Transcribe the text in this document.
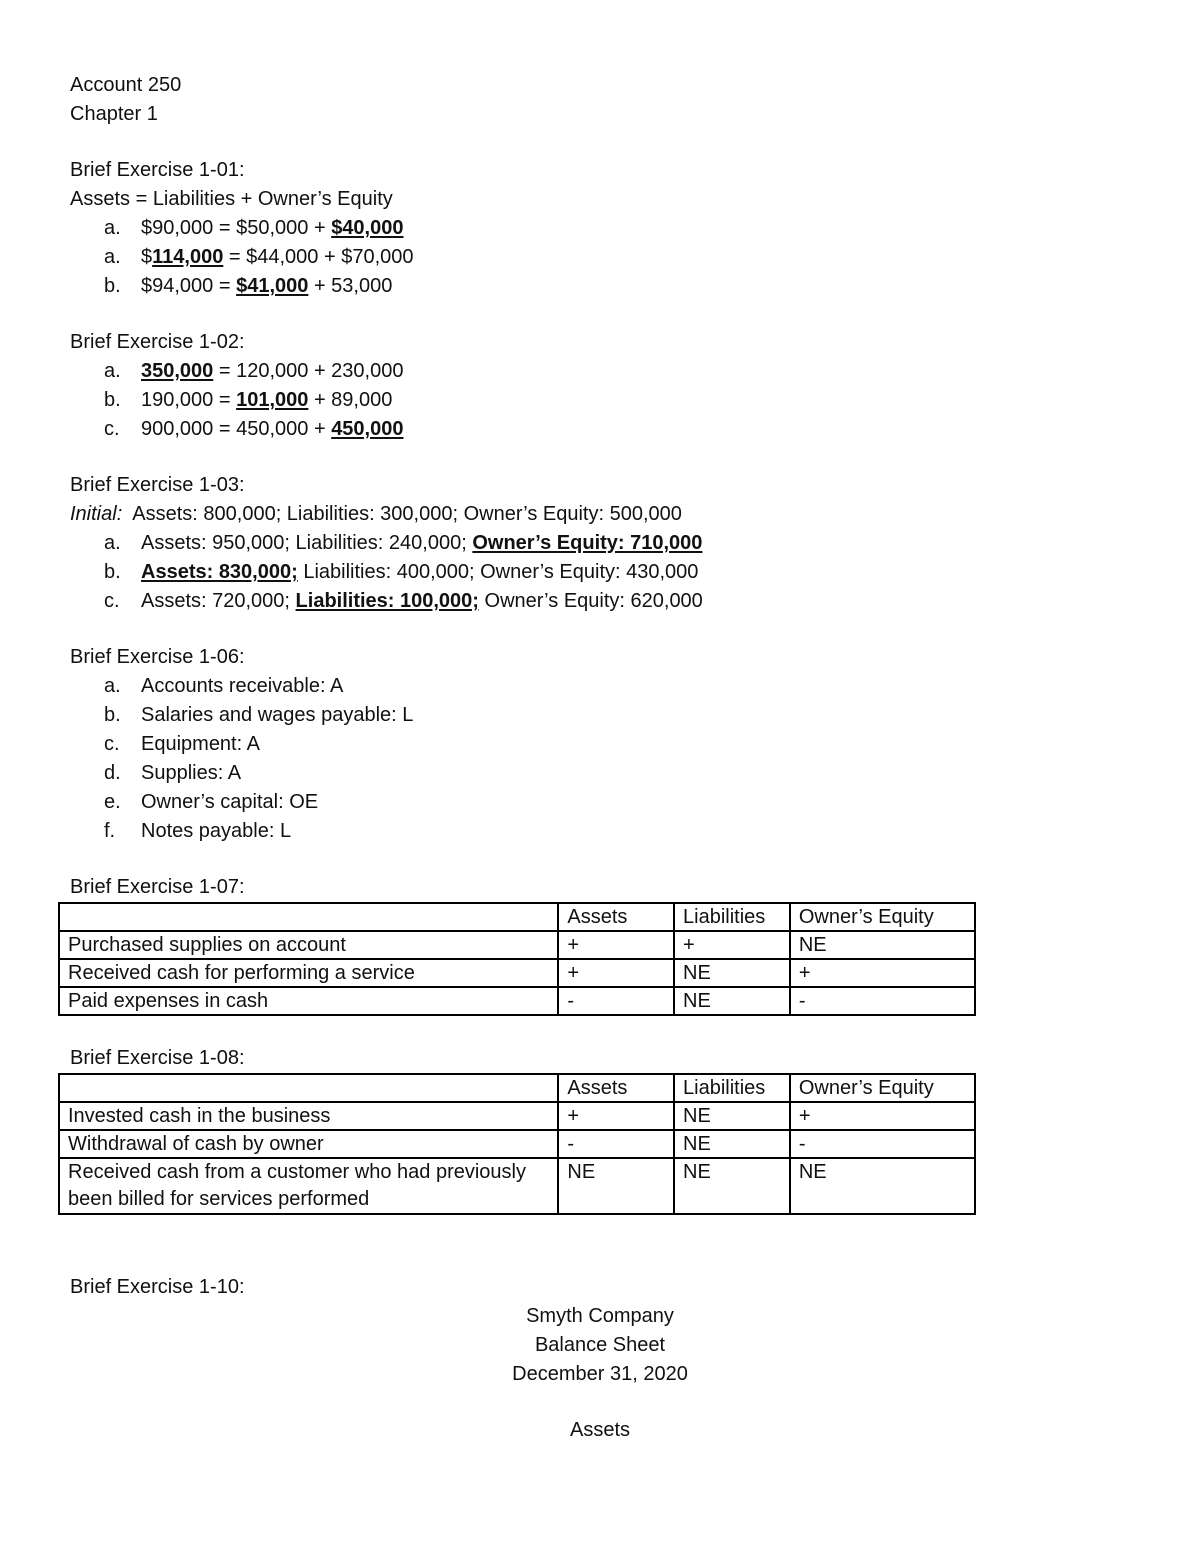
Account 250
Chapter 1
Brief Exercise 1-01:
Assets = Liabilities + Owner’s Equity
a. $90,000 = $50,000 + $40,000
a. $114,000 = $44,000 + $70,000
b. $94,000 = $41,000 + 53,000
Brief Exercise 1-02:
a. 350,000 = 120,000 + 230,000
b. 190,000 = 101,000 + 89,000
c. 900,000 = 450,000 + 450,000
Brief Exercise 1-03:
Initial:  Assets: 800,000; Liabilities: 300,000; Owner’s Equity: 500,000
a. Assets: 950,000; Liabilities: 240,000; Owner’s Equity: 710,000
b. Assets: 830,000; Liabilities: 400,000; Owner’s Equity: 430,000
c. Assets: 720,000; Liabilities: 100,000; Owner’s Equity: 620,000
Brief Exercise 1-06:
a. Accounts receivable: A
b. Salaries and wages payable: L
c. Equipment: A
d. Supplies: A
e. Owner’s capital: OE
f. Notes payable: L
Brief Exercise 1-07:
	Assets	Liabilities	Owner’s Equity
Purchased supplies on account	+	+	NE
Received cash for performing a service	+	NE	+
Paid expenses in cash	-	NE	-
Brief Exercise 1-08:
	Assets	Liabilities	Owner’s Equity
Invested cash in the business	+	NE	+
Withdrawal of cash by owner	-	NE	-
Received cash from a customer who had previously been billed for services performed	NE	NE	NE
Brief Exercise 1-10:
Smyth Company
Balance Sheet
December 31, 2020
Assets
